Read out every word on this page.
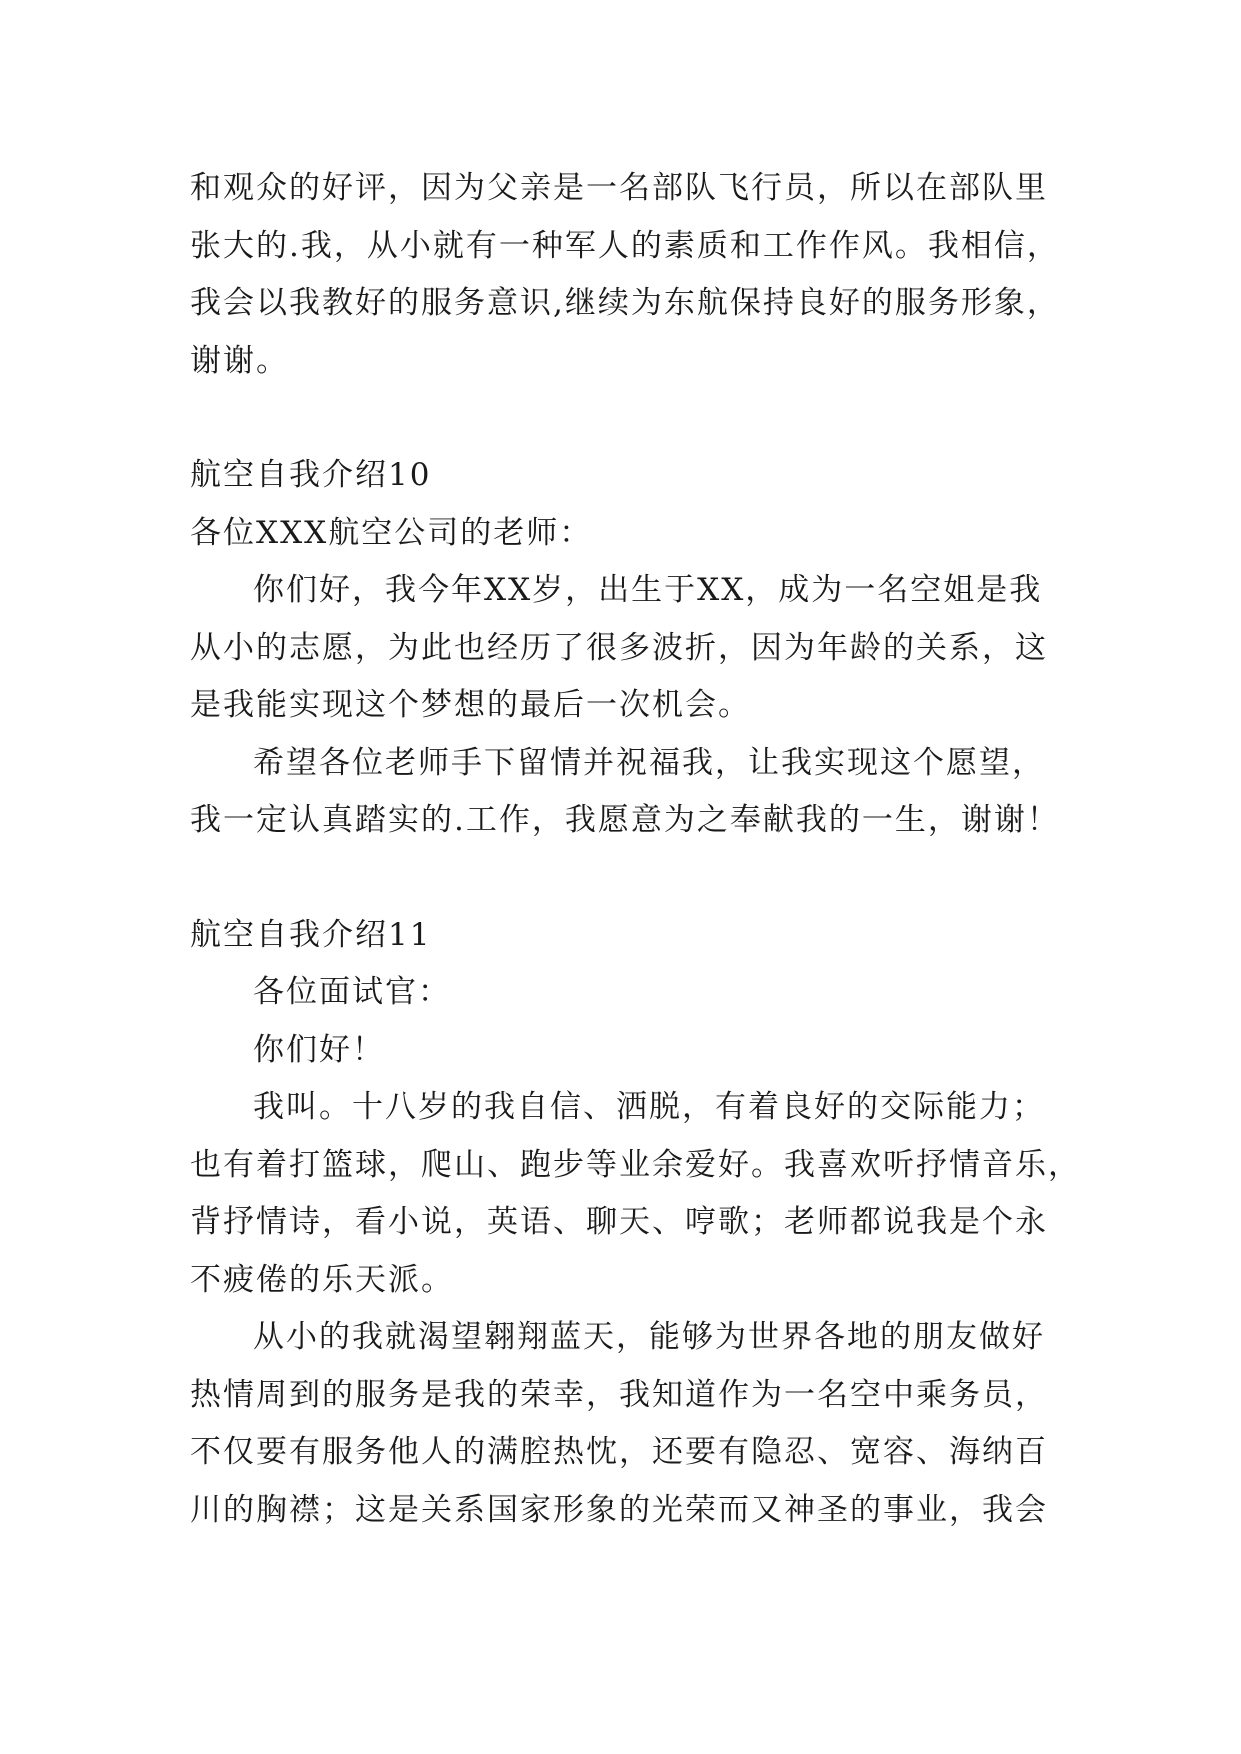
和观众的好评，因为父亲是一名部队飞行员，所以在部队里
张大的.我，从小就有一种军人的素质和工作作风。我相信，
我会以我教好的服务意识,继续为东航保持良好的服务形象，
谢谢。
航空自我介绍10
各位XXX航空公司的老师：
你们好，我今年XX岁，出生于XX，成为一名空姐是我
从小的志愿，为此也经历了很多波折，因为年龄的关系，这
是我能实现这个梦想的最后一次机会。
希望各位老师手下留情并祝福我，让我实现这个愿望，
我一定认真踏实的.工作，我愿意为之奉献我的一生，谢谢！
航空自我介绍11
各位面试官：
你们好！
我叫。十八岁的我自信、洒脱，有着良好的交际能力；
也有着打篮球，爬山、跑步等业余爱好。我喜欢听抒情音乐，
背抒情诗，看小说，英语、聊天、哼歌；老师都说我是个永
不疲倦的乐天派。
从小的我就渴望翱翔蓝天，能够为世界各地的朋友做好
热情周到的服务是我的荣幸，我知道作为一名空中乘务员，
不仅要有服务他人的满腔热忱，还要有隐忍、宽容、海纳百
川的胸襟；这是关系国家形象的光荣而又神圣的事业，我会
